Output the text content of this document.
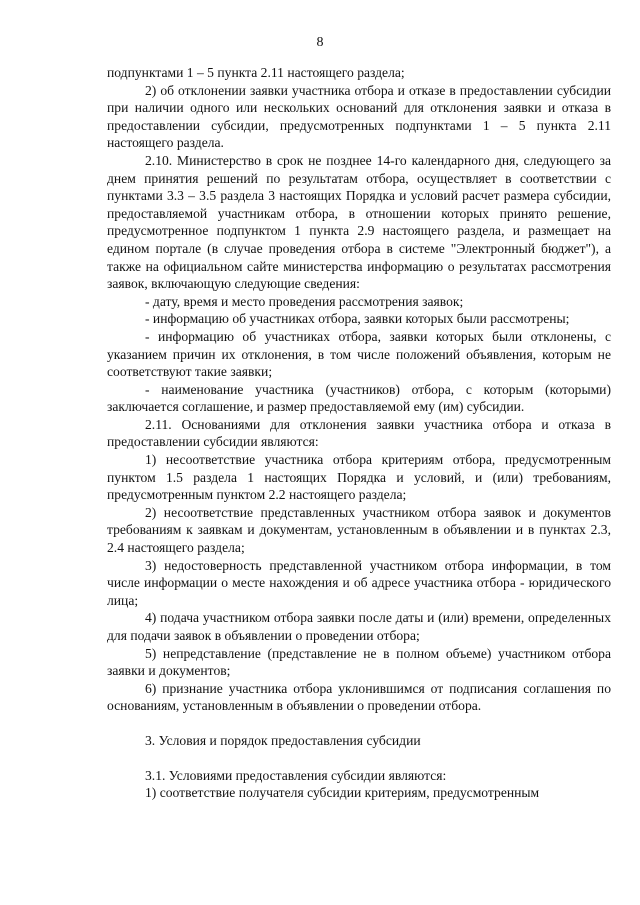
8

подпунктами 1 – 5 пункта 2.11 настоящего раздела;

2) об отклонении заявки участника отбора и отказе в предоставлении субсидии при наличии одного или нескольких оснований для отклонения заявки и отказа в предоставлении субсидии, предусмотренных подпунктами 1 – 5 пункта 2.11 настоящего раздела.

2.10. Министерство в срок не позднее 14-го календарного дня, следующего за днем принятия решений по результатам отбора, осуществляет в соответствии с пунктами 3.3 – 3.5 раздела 3 настоящих Порядка и условий расчет размера субсидии, предоставляемой участникам отбора, в отношении которых принято решение, предусмотренное подпунктом 1 пункта 2.9 настоящего раздела, и размещает на едином портале (в случае проведения отбора в системе "Электронный бюджет"), а также на официальном сайте министерства информацию о результатах рассмотрения заявок, включающую следующие сведения:

- дату, время и место проведения рассмотрения заявок;

- информацию об участниках отбора, заявки которых были рассмотрены;

- информацию об участниках отбора, заявки которых были отклонены, с указанием причин их отклонения, в том числе положений объявления, которым не соответствуют такие заявки;

- наименование участника (участников) отбора, с которым (которыми) заключается соглашение, и размер предоставляемой ему (им) субсидии.

2.11. Основаниями для отклонения заявки участника отбора и отказа в предоставлении субсидии являются:

1) несоответствие участника отбора критериям отбора, предусмотренным пунктом 1.5 раздела 1 настоящих Порядка и условий, и (или) требованиям, предусмотренным пунктом 2.2 настоящего раздела;

2) несоответствие представленных участником отбора заявок и документов требованиям к заявкам и документам, установленным в объявлении и в пунктах 2.3, 2.4 настоящего раздела;

3) недостоверность представленной участником отбора информации, в том числе информации о месте нахождения и об адресе участника отбора - юридического лица;

4) подача участником отбора заявки после даты и (или) времени, определенных для подачи заявок в объявлении о проведении отбора;

5) непредставление (представление не в полном объеме) участником отбора заявки и документов;

6) признание участника отбора уклонившимся от подписания соглашения по основаниям, установленным в объявлении о проведении отбора.

3. Условия и порядок предоставления субсидии

3.1. Условиями предоставления субсидии являются:

1) соответствие получателя субсидии критериям, предусмотренным
